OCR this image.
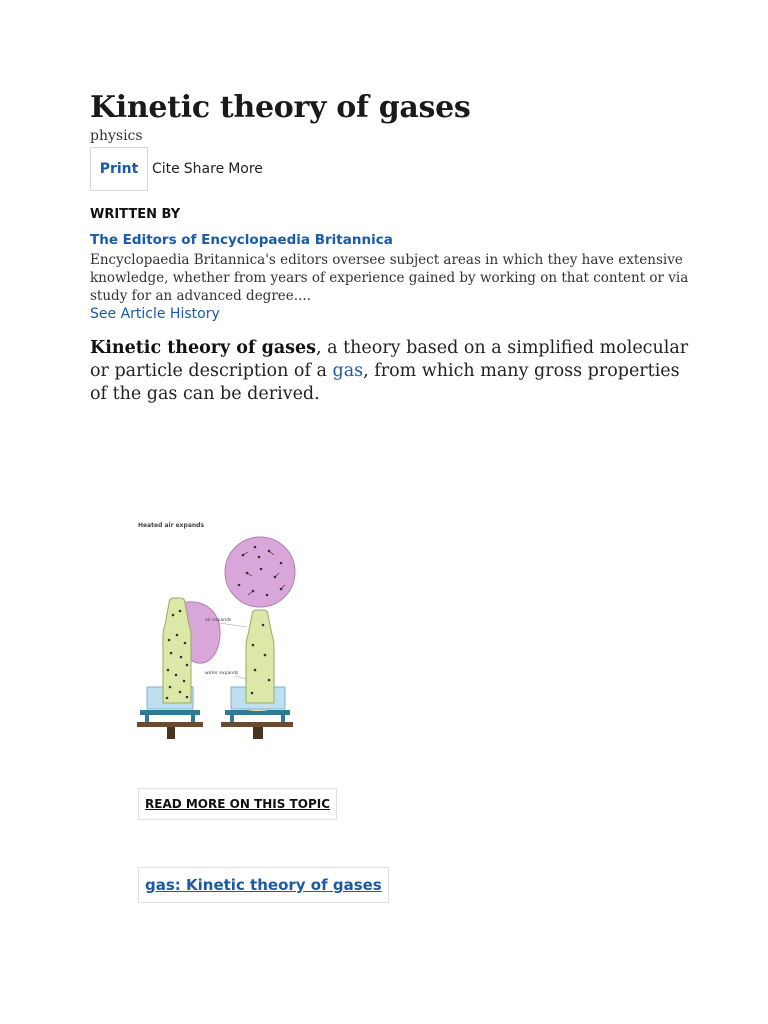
Kinetic theory of gases
physics
Print Cite Share More
WRITTEN BY
The Editors of Encyclopaedia Britannica
Encyclopaedia Britannica's editors oversee subject areas in which they have extensive knowledge, whether from years of experience gained by working on that content or via study for an advanced degree....
See Article History

Kinetic theory of gases, a theory based on a simplified molecular or particle description of a gas, from which many gross properties of the gas can be derived.

Heated air expands
air expands
water expands
READ MORE ON THIS TOPIC
gas: Kinetic theory of gases
